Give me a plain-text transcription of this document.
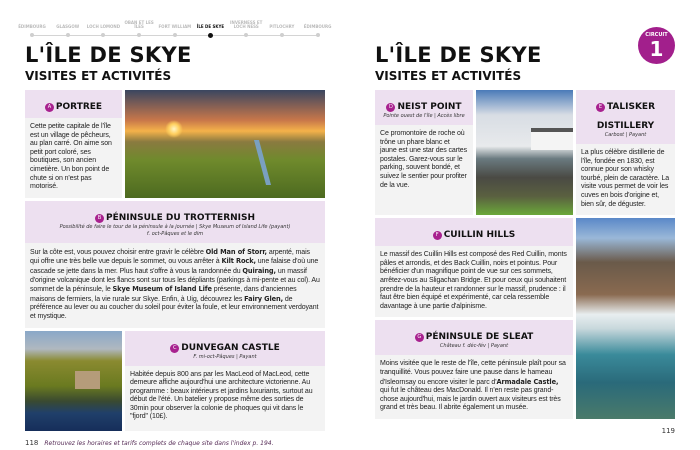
ÉDIMBOURG	GLASGOW	LOCH LOMOND
OBAN ET LES ÎLES	FORT WILLIAM	ÎLE DE SKYE
INVERNESS ET LOCH NESS	PITLOCHRY	ÉDIMBOURG
L'ÎLE DE SKYE
VISITES ET ACTIVITÉS
L'ÎLE DE SKYE
VISITES ET ACTIVITÉS
CIRCUIT
1
A PORTREE
Cette petite capitale de l'île est un village de pêcheurs, au plan carré. On aime son petit port coloré, ses boutiques, son ancien cimetière. Un bon point de chute si on n'est pas motorisé.
B PÉNINSULE DU TROTTERNISH
Possibilité de faire le tour de la péninsule à la journée | Skye Museum of Island Life (payant)
f. oct-Pâques et le dim
Sur la côte est, vous pouvez choisir entre gravir le célèbre Old Man of Storr, arpenté, mais qui offre une très belle vue depuis le sommet, ou vous arrêter à Kilt Rock, une falaise d'où une cascade se jette dans la mer. Plus haut s'offre à vous la randonnée du Quiraing, un massif d'origine volcanique dont les flancs sont sur tous les dépliants (parkings à mi-pente et au col). Au sommet de la péninsule, le Skye Museum of Island Life présente, dans d'anciennes maisons de fermiers, la vie rurale sur Skye. Enfin, à Uig, découvrez les Fairy Glen, de préférence au lever ou au coucher du soleil pour éviter la foule, et leur environnement verdoyant et mystique.
C DUNVEGAN CASTLE
F. mi-oct-Pâques | Payant
Habitée depuis 800 ans par les MacLeod of MacLeod, cette demeure affiche aujourd'hui une architecture victorienne. Au programme : beaux intérieurs et jardins luxuriants, surtout au début de l'été. Un batelier y propose même des sorties de 30min pour observer la colonie de phoques qui vit dans le "fjord" (10£).
118 Retrouvez les horaires et tarifs complets de chaque site dans l'index p. 194.
D NEIST POINT
Pointe ouest de l'île | Accès libre
Ce promontoire de roche où trône un phare blanc et jaune est une star des cartes postales. Garez-vous sur le parking, souvent bondé, et suivez le sentier pour profiter de la vue.
E TALISKER DISTILLERY
Carbost | Payant
La plus célèbre distillerie de l'île, fondée en 1830, est connue pour son whisky tourbé, plein de caractère. La visite vous permet de voir les cuves en bois d'origine et, bien sûr, de déguster.
F CUILLIN HILLS
Le massif des Cuillin Hills est composé des Red Cuillin, monts pâles et arrondis, et des Back Cuillin, noirs et pointus. Pour bénéficier d'un magnifique point de vue sur ces sommets, arrêtez-vous au Sligachan Bridge. Et pour ceux qui souhaitent prendre de la hauteur et randonner sur le massif, prudence : il faut être bien équipé et expérimenté, car cela ressemble davantage à une partie d'alpinisme.
G PÉNINSULE DE SLEAT
Château f. déc-fév | Payant
Moins visitée que le reste de l'île, cette péninsule plaît pour sa tranquillité. Vous pouvez faire une pause dans le hameau d'Isleornsay ou encore visiter le parc d'Armadale Castle, qui fut le château des MacDonald. Il n'en reste pas grand-chose aujourd'hui, mais le jardin ouvert aux visiteurs est très grand et très beau. Il abrite également un musée.
119
